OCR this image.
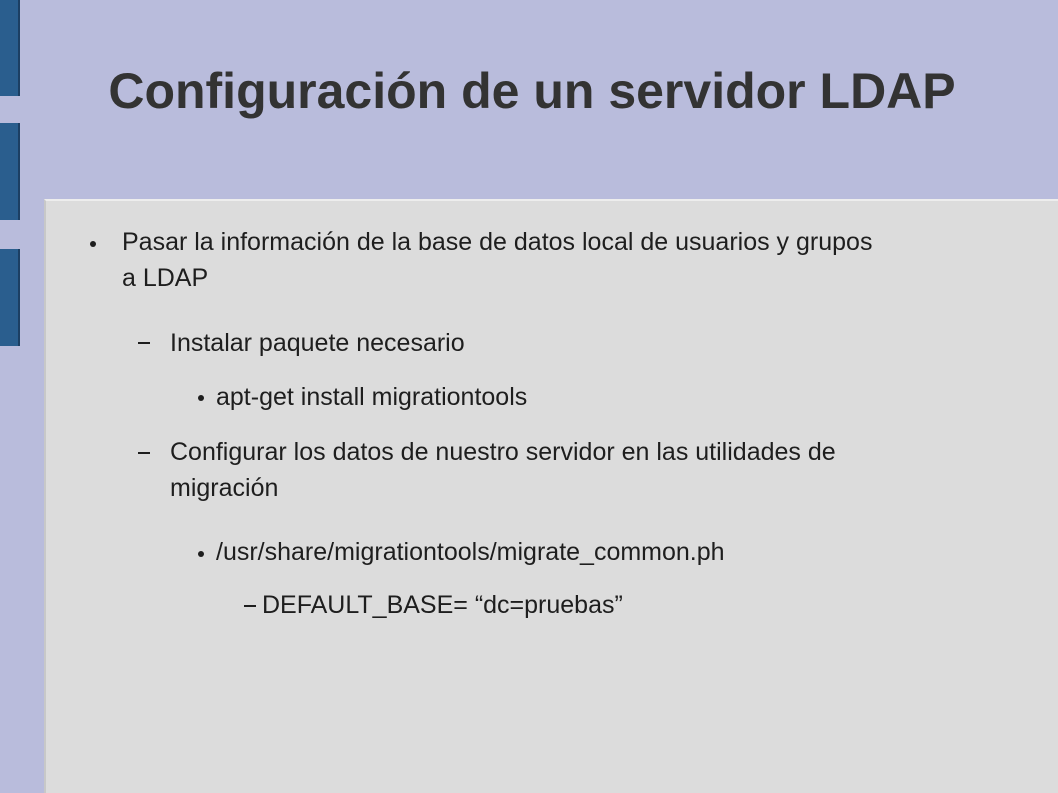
Configuración de un servidor LDAP
Pasar la información de la base de datos local de usuarios y grupos a LDAP
Instalar paquete necesario
apt-get install migrationtools
Configurar los datos de nuestro servidor en las utilidades de migración
/usr/share/migrationtools/migrate_common.ph
DEFAULT_BASE= “dc=pruebas”
